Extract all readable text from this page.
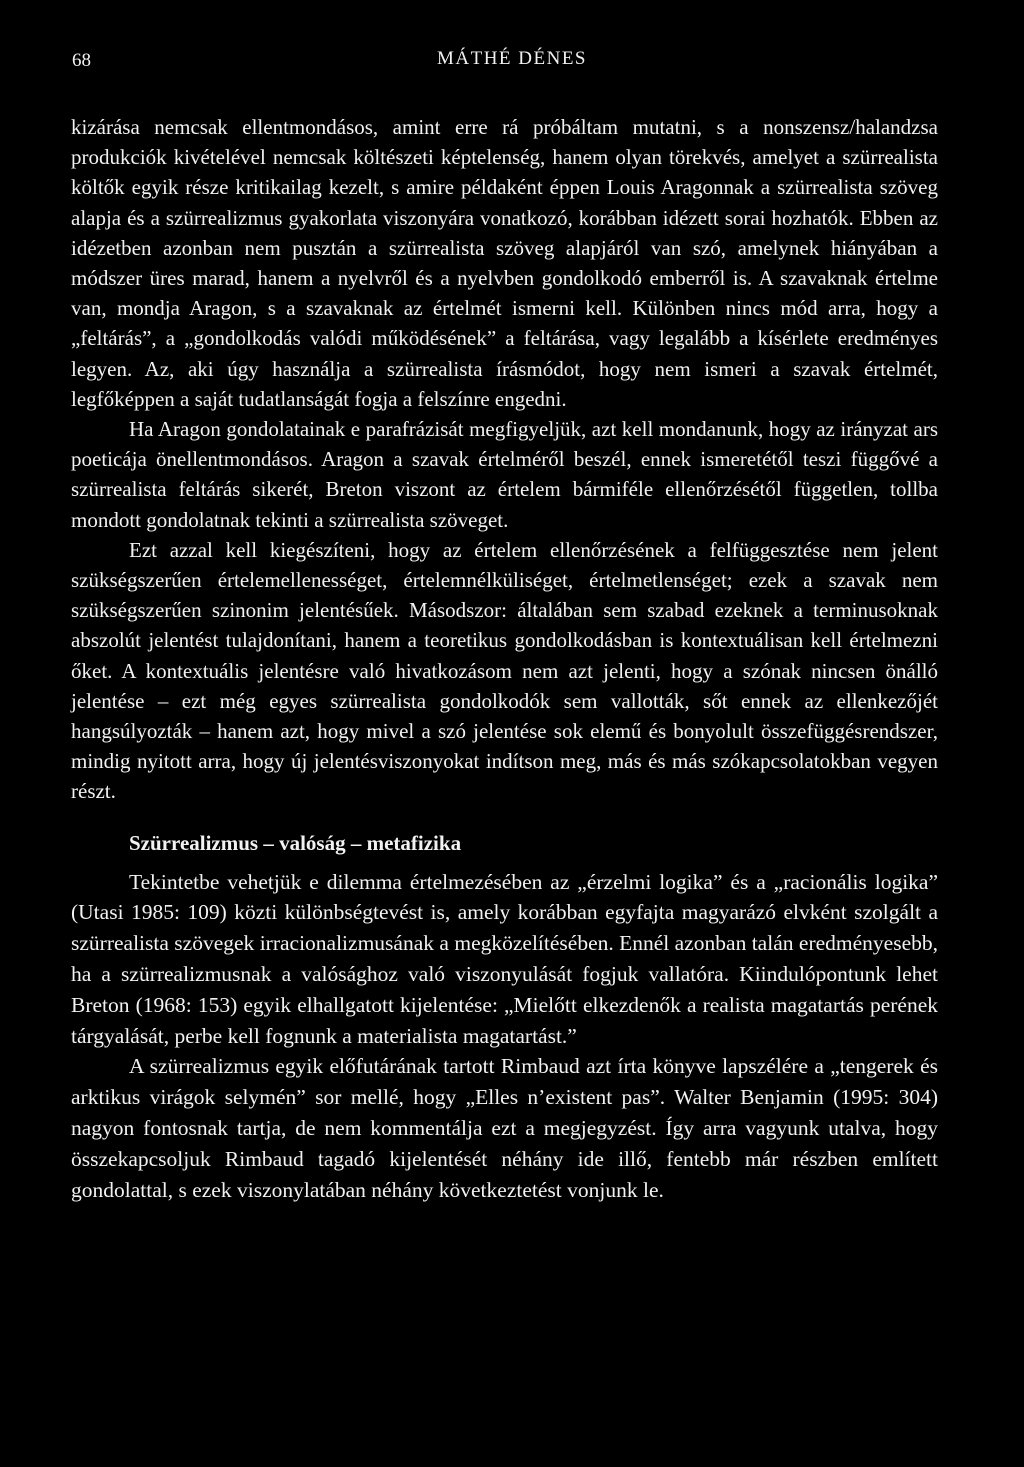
68	MÁTHÉ DÉNES

kizárása nemcsak ellentmondásos, amint erre rá próbáltam mutatni, s a nonszensz/halandzsa produkciók kivételével nemcsak költészeti képtelenség, hanem olyan törekvés, amelyet a szürrealista költők egyik része kritikailag kezelt, s amire példaként éppen Louis Aragonnak a szürrealista szöveg alapja és a szürrealizmus gyakorlata viszonyára vonatkozó, korábban idézett sorai hozhatók. Ebben az idézetben azonban nem pusztán a szürrealista szöveg alapjáról van szó, amelynek hiányában a módszer üres marad, hanem a nyelvről és a nyelvben gondolkodó emberről is. A szavaknak értelme van, mondja Aragon, s a szavaknak az értelmét ismerni kell. Különben nincs mód arra, hogy a „feltárás”, a „gondolkodás valódi működésének” a feltárása, vagy legalább a kísérlete eredményes legyen. Az, aki úgy használja a szürrealista írásmódot, hogy nem ismeri a szavak értelmét, legfőképpen a saját tudatlanságát fogja a felszínre engedni.

Ha Aragon gondolatainak e parafrázisát megfigyeljük, azt kell mondanunk, hogy az irányzat ars poeticája önellentmondásos. Aragon a szavak értelméről beszél, ennek ismeretétől teszi függővé a szürrealista feltárás sikerét, Breton viszont az értelem bármiféle ellenőrzésétől független, tollba mondott gondolatnak tekinti a szürrealista szöveget.

Ezt azzal kell kiegészíteni, hogy az értelem ellenőrzésének a felfüggesztése nem jelent szükségszerűen értelemellenességet, értelemnélküliséget, értelmetlenséget; ezek a szavak nem szükségszerűen szinonim jelentésűek. Másodszor: általában sem szabad ezeknek a terminusoknak abszolút jelentést tulajdonítani, hanem a teoretikus gondolkodásban is kontextuálisan kell értelmezni őket. A kontextuális jelentésre való hivatkozásom nem azt jelenti, hogy a szónak nincsen önálló jelentése – ezt még egyes szürrealista gondolkodók sem vallották, sőt ennek az ellenkezőjét hangsúlyozták – hanem azt, hogy mivel a szó jelentése sok elemű és bonyolult összefüggésrendszer, mindig nyitott arra, hogy új jelentésviszonyokat indítson meg, más és más szókapcsolatokban vegyen részt.

Szürrealizmus – valóság – metafizika

Tekintetbe vehetjük e dilemma értelmezésében az „érzelmi logika” és a „racionális logika” (Utasi 1985: 109) közti különbségtevést is, amely korábban egyfajta magyarázó elvként szolgált a szürrealista szövegek irracionalizmusának a megközelítésében. Ennél azonban talán eredményesebb, ha a szürrealizmusnak a valósághoz való viszonyulását fogjuk vallatóra. Kiindulópontunk lehet Breton (1968: 153) egyik elhallgatott kijelentése: „Mielőtt elkezdenők a realista magatartás perének tárgyalását, perbe kell fognunk a materialista magatartást.”

A szürrealizmus egyik előfutárának tartott Rimbaud azt írta könyve lapszélére a „tengerek és arktikus virágok selymén” sor mellé, hogy „Elles n’existent pas”. Walter Benjamin (1995: 304) nagyon fontosnak tartja, de nem kommentálja ezt a megjegyzést. Így arra vagyunk utalva, hogy összekapcsoljuk Rimbaud tagadó kijelentését néhány ide illő, fentebb már részben említett gondolattal, s ezek viszonylatában néhány következtetést vonjunk le.
